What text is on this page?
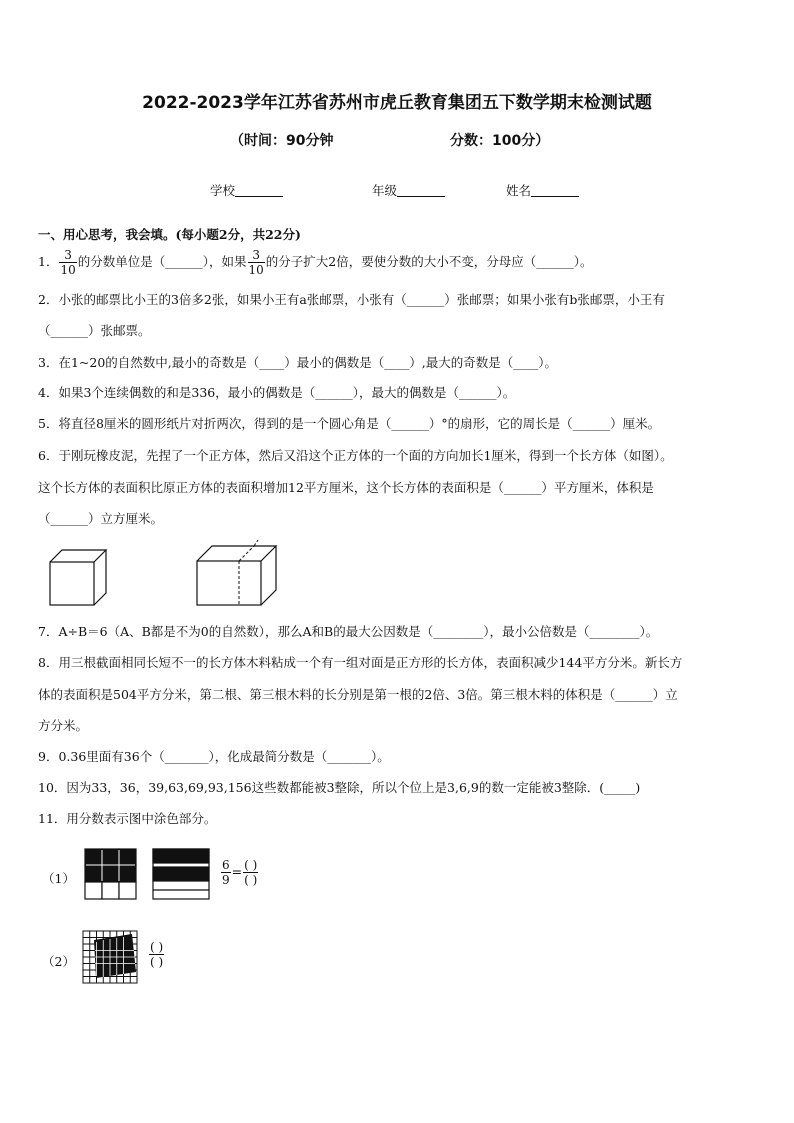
2022-2023学年江苏省苏州市虎丘教育集团五下数学期末检测试题
（时间：90分钟	分数：100分）
学校	年级	姓名
一、用心思考，我会填。(每小题2分，共22分)
1． $\frac{3}{10}$ 的分数单位是（______），如果 $\frac{3}{10}$ 的分子扩大2倍，要使分数的大小不变，分母应（______）。
2．小张的邮票比小王的3倍多2张，如果小王有a张邮票，小张有（______）张邮票；如果小张有b张邮票，小王有
（______）张邮票。
3．在1~20的自然数中,最小的奇数是（____）最小的偶数是（____）,最大的奇数是（____）。
4．如果3个连续偶数的和是336，最小的偶数是（______），最大的偶数是（______）。
5．将直径8厘米的圆形纸片对折两次，得到的是一个圆心角是（______）°的扇形，它的周长是（______）厘米。
6．于刚玩橡皮泥，先捏了一个正方体，然后又沿这个正方体的一个面的方向加长1厘米，得到一个长方体（如图）。
这个长方体的表面积比原正方体的表面积增加12平方厘米，这个长方体的表面积是（______）平方厘米，体积是
（______）立方厘米。
7．A÷B＝6（A、B都是不为0的自然数），那么A和B的最大公因数是（________），最小公倍数是（________）。
8．用三根截面相同长短不一的长方体木料粘成一个有一组对面是正方形的长方体，表面积减少144平方分米。新长方
体的表面积是504平方分米，第二根、第三根木料的长分别是第一根的2倍、3倍。第三根木料的体积是（______）立
方分米。
9．0.36里面有36个（_______），化成最简分数是（_______）。
10．因为33，36，39,63,69,93,156这些数都能被3整除，所以个位上是3,6,9的数一定能被3整除．(_____)
11．用分数表示图中涂色部分。
（1）	$\frac{6}{9} = \frac{( )}{( )}$
（2）	$\frac{( )}{( )}$
